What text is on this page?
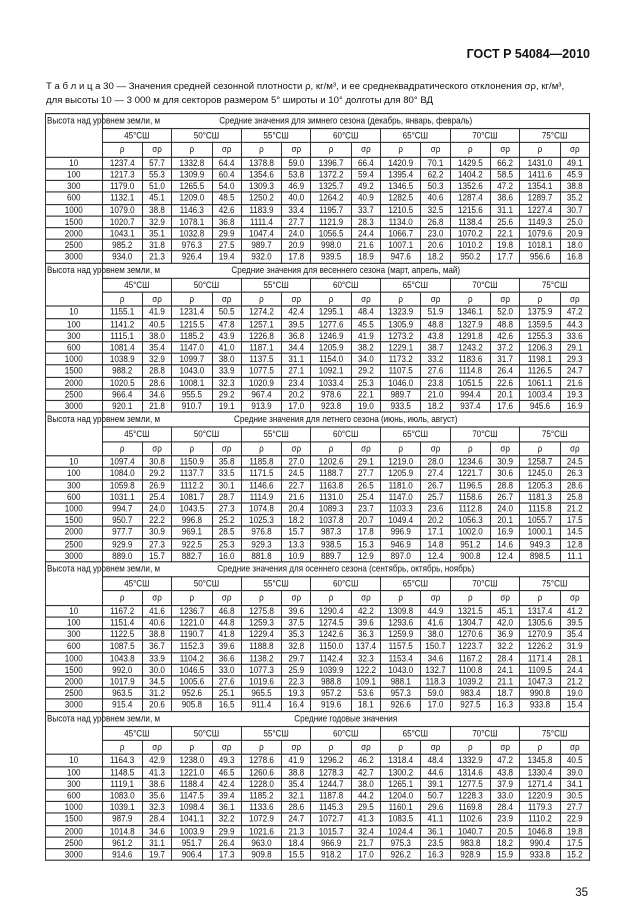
ГОСТ Р 54084—2010
Т а б л и ц а 30 — Значения средней сезонной плотности ρ, кг/м³, и ее среднеквадратического отклонения σρ, кг/м³,
для высоты 10 — 3 000 м для секторов размером 5° широты и 10° долготы для 80° ВД
Высота над уровнем земли, м	Средние значения для зимнего сезона (декабрь, январь, февраль)													
	45°СШ		50°СШ		55°СШ		60°СШ		65°СШ		70°СШ		75°СШ	
	ρ	σρ	ρ	σρ	ρ	σρ	ρ	σρ	ρ	σρ	ρ	σρ	ρ	σρ
10	1237.4	57.7	1332.8	64.4	1378.8	59.0	1396.7	66.4	1420.9	70.1	1429.5	66.2	1431.0	49.1
100	1217.3	55.3	1309.9	60.4	1354.6	53.8	1372.2	59.4	1395.4	62.2	1404.2	58.5	1411.6	45.9
300	1179.0	51.0	1265.5	54.0	1309.3	46.9	1325.7	49.2	1346.5	50.3	1352.6	47.2	1354.1	38.8
600	1132.1	45.1	1209.0	48.5	1250.2	40.0	1264.2	40.9	1282.5	40.6	1287.4	38.6	1289.7	35.2
1000	1079.0	38.8	1146.3	42.6	1183.9	33.4	1195.7	33.7	1210.5	32.5	1215.6	31.1	1227.4	30.7
1500	1020.7	32.9	1078.1	36.8	1111.4	27.7	1121.9	28.3	1134.0	26.8	1138.4	25.6	1149.3	25.0
2000	1043.1	35.1	1032.8	29.9	1047.4	24.0	1056.5	24.4	1066.7	23.0	1070.2	22.1	1079.6	20.9
2500	985.2	31.8	976.3	27.5	989.7	20.9	998.0	21.6	1007.1	20.6	1010.2	19.8	1018.1	18.0
3000	934.0	21.3	926.4	19.4	932.0	17.8	939.5	18.9	947.6	18.2	950.2	17.7	956.6	16.8
Высота над уровнем земли, м	Средние значения для весеннего сезона (март, апрель, май)													
	45°СШ		50°СШ		55°СШ		60°СШ		65°СШ		70°СШ		75°СШ	
	ρ	σρ	ρ	σρ	ρ	σρ	ρ	σρ	ρ	σρ	ρ	σρ	ρ	σρ
10	1155.1	41.9	1231.4	50.5	1274.2	42.4	1295.1	48.4	1323.9	51.9	1346.1	52.0	1375.9	47.2
100	1141.2	40.5	1215.5	47.8	1257.1	39.5	1277.6	45.5	1305.9	48.8	1327.9	48.8	1359.5	44.3
300	1115.1	38.0	1185.2	43.9	1226.8	36.8	1246.9	41.9	1273.2	43.8	1291.8	42.6	1255.3	33.6
600	1081.4	35.4	1147.0	41.0	1187.1	34.4	1205.9	38.2	1229.1	38.7	1243.2	37.2	1206.3	29.1
1000	1038.9	32.9	1099.7	38.0	1137.5	31.1	1154.0	34.0	1173.2	33.2	1183.6	31.7	1198.1	29.3
1500	988.2	28.8	1043.0	33.9	1077.5	27.1	1092.1	29.2	1107.5	27.6	1114.8	26.4	1126.5	24.7
2000	1020.5	28.6	1008.1	32.3	1020.9	23.4	1033.4	25.3	1046.0	23.8	1051.5	22.6	1061.1	21.6
2500	966.4	34.6	955.5	29.2	967.4	20.2	978.6	22.1	989.7	21.0	994.4	20.1	1003.4	19.3
3000	920.1	21.8	910.7	19.1	913.9	17.0	923.8	19.0	933.5	18.2	937.4	17.6	945.6	16.9
Высота над уровнем земли, м	Средние значения для летнего сезона (июнь, июль, август)													
	45°СШ		50°СШ		55°СШ		60°СШ		65°СШ		70°СШ		75°СШ	
	ρ	σρ	ρ	σρ	ρ	σρ	ρ	σρ	ρ	σρ	ρ	σρ	ρ	σρ
10	1097.4	30.8	1150.9	35.8	1185.8	27.0	1202.6	29.1	1219.0	28.0	1234.6	30.9	1258.7	24.5
100	1084.0	29.2	1137.7	33.5	1171.5	24.5	1188.7	27.7	1205.9	27.4	1221.7	30.6	1245.0	26.3
300	1059.8	26.9	1112.2	30.1	1146.6	22.7	1163.8	26.5	1181.0	26.7	1196.5	28.8	1205.3	28.6
600	1031.1	25.4	1081.7	28.7	1114.9	21.6	1131.0	25.4	1147.0	25.7	1158.6	26.7	1181.3	25.8
1000	994.7	24.0	1043.5	27.3	1074.8	20.4	1089.3	23.7	1103.3	23.6	1112.8	24.0	1115.8	21.2
1500	950.7	22.2	996.8	25.2	1025.3	18.2	1037.8	20.7	1049.4	20.2	1056.3	20.1	1055.7	17.5
2000	977.7	30.9	969.1	28.5	976.8	15.7	987.3	17.8	996.9	17.1	1002.0	16.9	1000.1	14.5
2500	929.9	27.3	922.5	25.3	929.3	13.3	938.5	15.3	946.9	14.8	951.2	14.6	949.3	12.8
3000	889.0	15.7	882.7	16.0	881.8	10.9	889.7	12.9	897.0	12.4	900.8	12.4	898.5	11.1
Высота над уровнем земли, м	Средние значения для осеннего сезона (сентябрь, октябрь, ноябрь)													
	45°СШ		50°СШ		55°СШ		60°СШ		65°СШ		70°СШ		75°СШ	
	ρ	σρ	ρ	σρ	ρ	σρ	ρ	σρ	ρ	σρ	ρ	σρ	ρ	σρ
10	1167.2	41.6	1236.7	46.8	1275.8	39.6	1290.4	42.2	1309.8	44.9	1321.5	45.1	1317.4	41.2
100	1151.4	40.6	1221.0	44.8	1259.3	37.5	1274.5	39.6	1293.6	41.6	1304.7	42.0	1305.6	39.5
300	1122.5	38.8	1190.7	41.8	1229.4	35.3	1242.6	36.3	1259.9	38.0	1270.6	36.9	1270.9	35.4
600	1087.5	36.7	1152.3	39.6	1188.8	32.8	1150.0	137.4	1157.5	150.7	1223.7	32.2	1226.2	31.9
1000	1043.8	33.9	1104.2	36.6	1138.2	29.7	1142.4	32.3	1153.4	34.6	1167.2	28.4	1171.4	28.1
1500	992.0	30.0	1046.5	33.0	1077.3	25.9	1039.9	122.2	1043.0	132.7	1100.8	24.1	1109.5	24.4
2000	1017.9	34.5	1005.6	27.6	1019.6	22.3	988.8	109.1	988.1	118.3	1039.2	21.1	1047.3	21.2
2500	963.5	31.2	952.6	25.1	965.5	19.3	957.2	53.6	957.3	59.0	983.4	18.7	990.8	19.0
3000	915.4	20.6	905.8	16.5	911.4	16.4	919.6	18.1	926.6	17.0	927.5	16.3	933.8	15.4
Высота над уровнем земли, м	Средние годовые значения													
	45°СШ		50°СШ		55°СШ		60°СШ		65°СШ		70°СШ		75°СШ	
	ρ	σρ	ρ	σρ	ρ	σρ	ρ	σρ	ρ	σρ	ρ	σρ	ρ	σρ
10	1164.3	42.9	1238.0	49.3	1278.6	41.9	1296.2	46.2	1318.4	48.4	1332.9	47.2	1345.8	40.5
100	1148.5	41.3	1221.0	46.5	1260.6	38.8	1278.3	42.7	1300.2	44.6	1314.6	43.8	1330.4	39.0
300	1119.1	38.6	1188.4	42.4	1228.0	35.4	1244.7	38.0	1265.1	39.1	1277.5	37.9	1271.4	34.1
600	1083.0	35.6	1147.5	39.4	1185.2	32.1	1187.8	44.2	1204.0	50.7	1228.3	33.0	1220.9	30.5
1000	1039.1	32.3	1098.4	36.1	1133.6	28.6	1145.3	29.5	1160.1	29.6	1169.8	28.4	1179.3	27.7
1500	987.9	28.4	1041.1	32.2	1072.9	24.7	1072.7	41.3	1083.5	41.1	1102.6	23.9	1110.2	22.9
2000	1014.8	34.6	1003.9	29.9	1021.6	21.3	1015.7	32.4	1024.4	36.1	1040.7	20.5	1046.8	19.8
2500	961.2	31.1	951.7	26.4	963.0	18.4	966.9	21.7	975.3	23.5	983.8	18.2	990.4	17.5
3000	914.6	19.7	906.4	17.3	909.8	15.5	918.2	17.0	926.2	16.3	928.9	15.9	933.8	15.2
35
